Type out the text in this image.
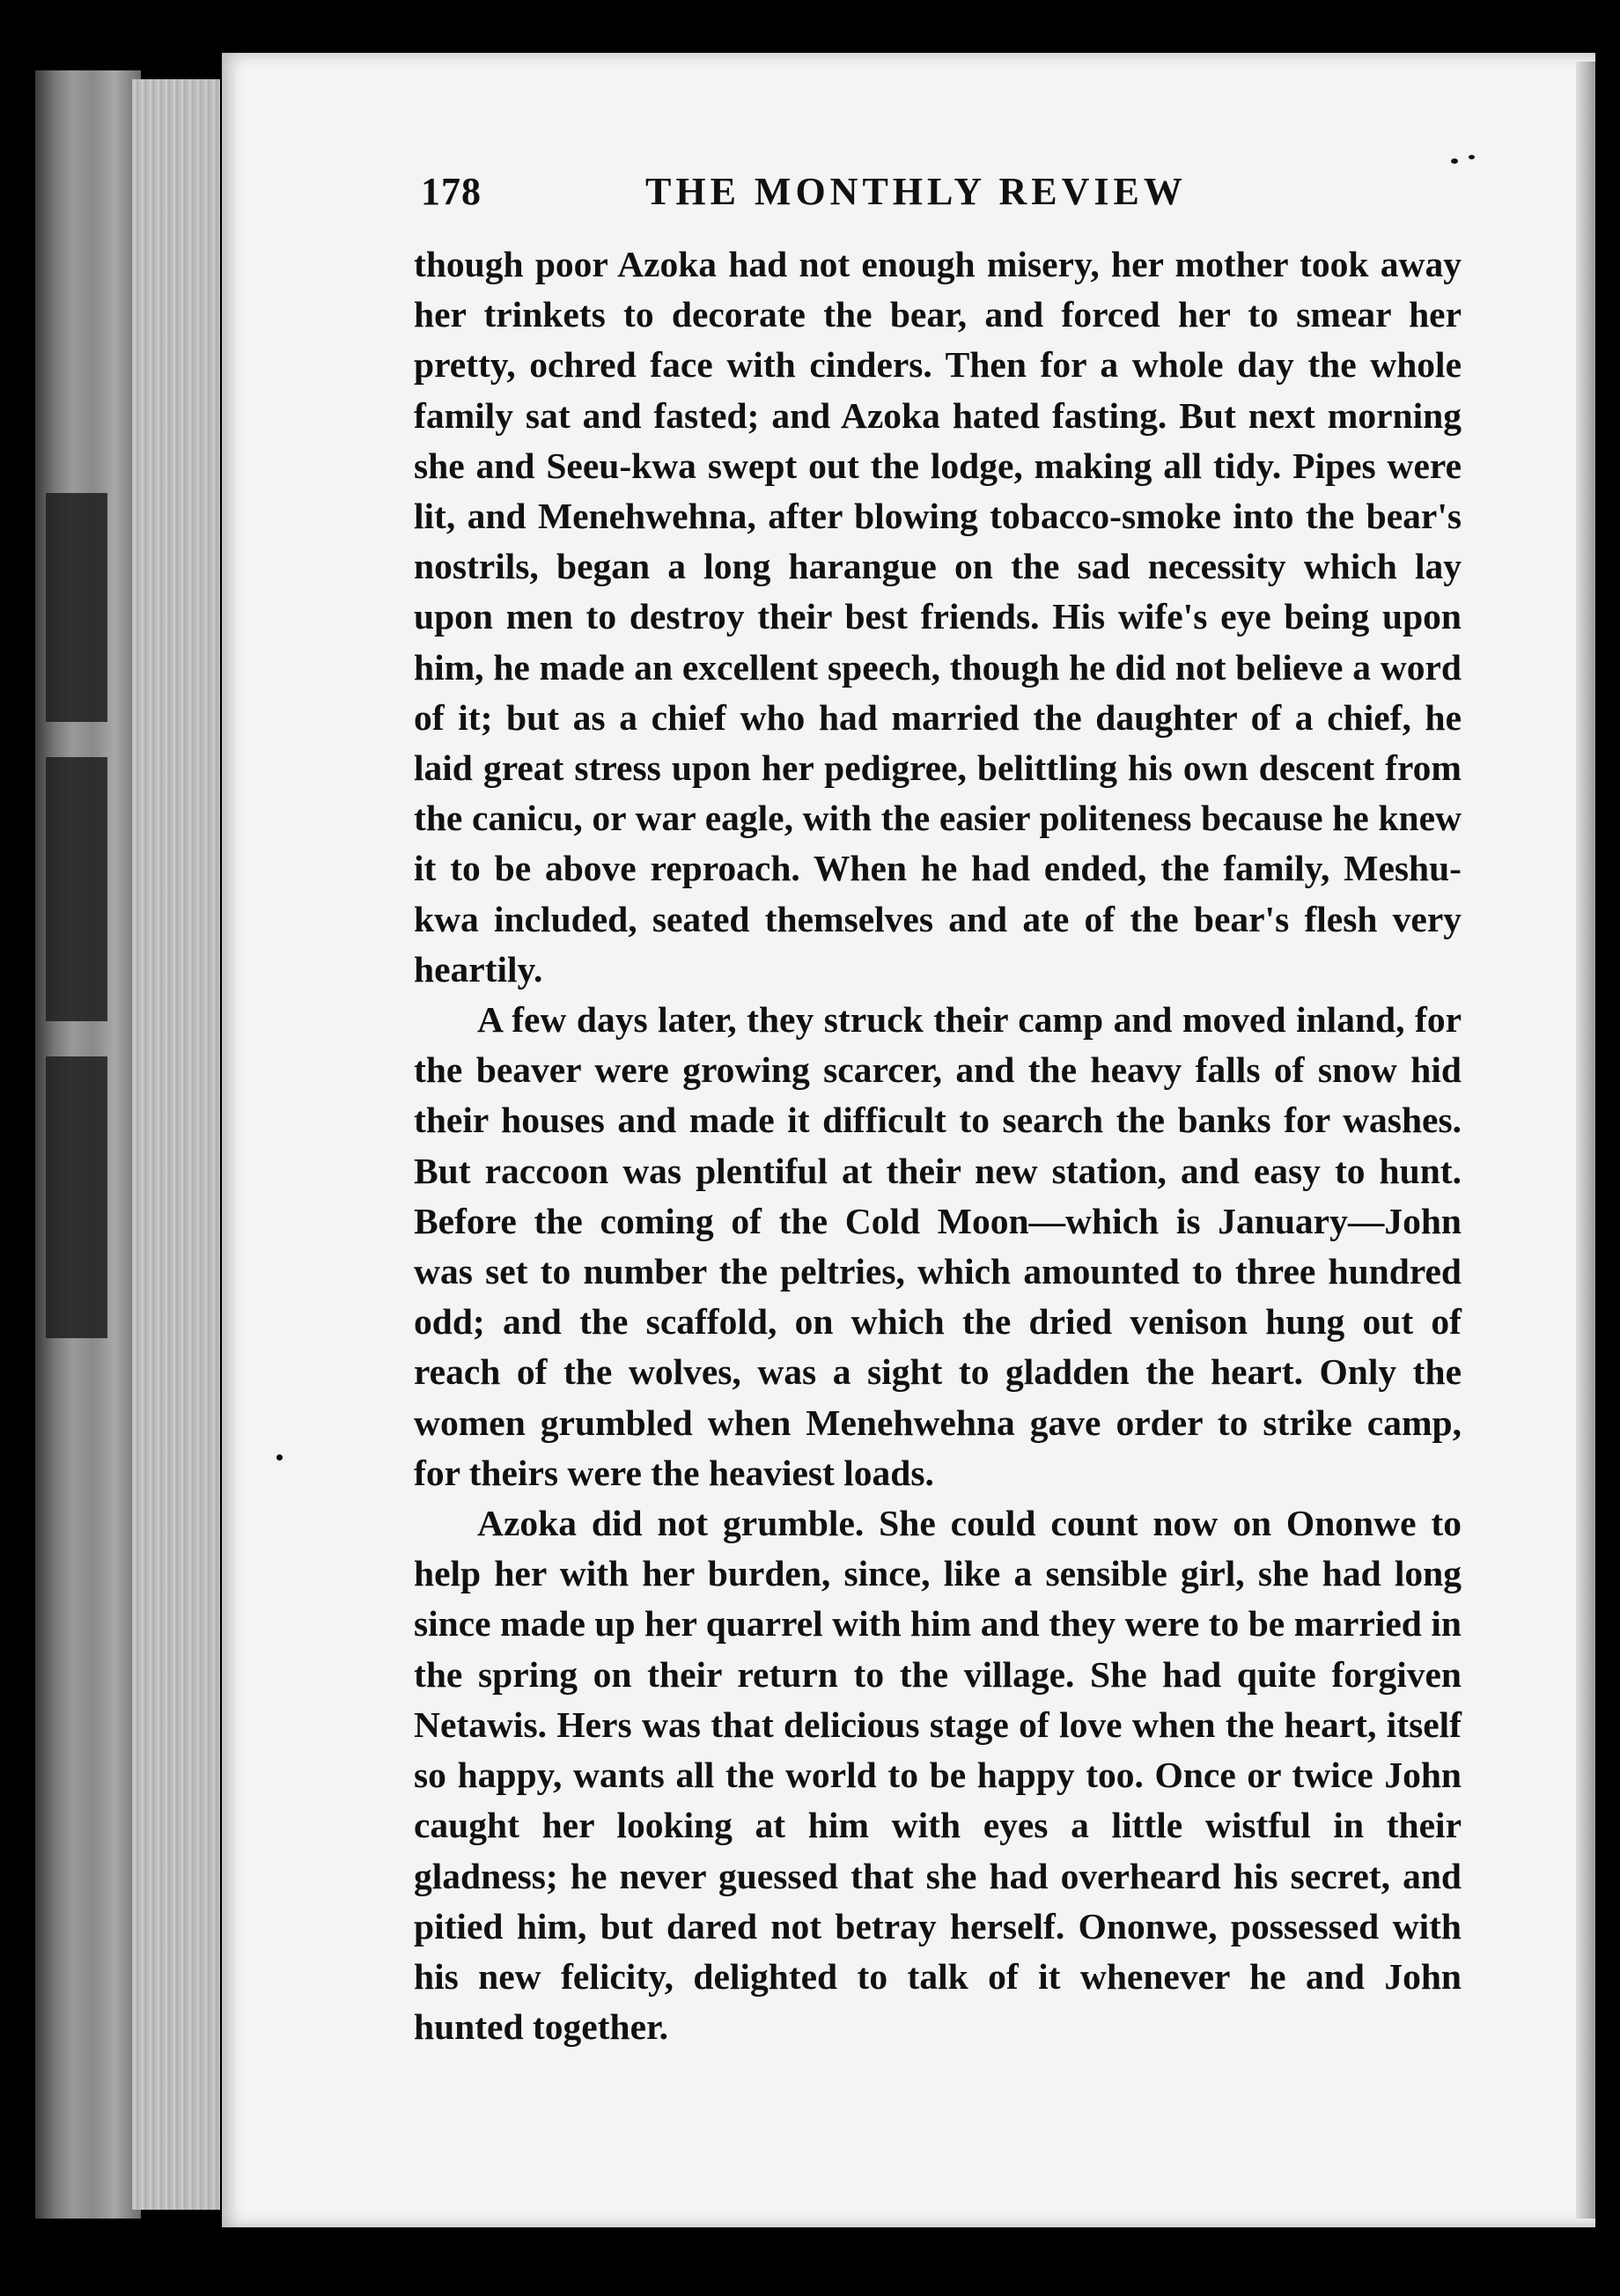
178	THE MONTHLY REVIEW

though poor Azoka had not enough misery, her mother took away her trinkets to decorate the bear, and forced her to smear her pretty, ochred face with cinders. Then for a whole day the whole family sat and fasted; and Azoka hated fasting. But next morning she and Seeu-kwa swept out the lodge, making all tidy. Pipes were lit, and Menehwehna, after blowing tobacco-smoke into the bear's nostrils, began a long harangue on the sad necessity which lay upon men to destroy their best friends. His wife's eye being upon him, he made an excellent speech, though he did not believe a word of it; but as a chief who had married the daughter of a chief, he laid great stress upon her pedigree, belittling his own descent from the canicu, or war eagle, with the easier politeness because he knew it to be above reproach. When he had ended, the family, Meshu-kwa included, seated themselves and ate of the bear's flesh very heartily.

A few days later, they struck their camp and moved inland, for the beaver were growing scarcer, and the heavy falls of snow hid their houses and made it difficult to search the banks for washes. But raccoon was plentiful at their new station, and easy to hunt. Before the coming of the Cold Moon—which is January—John was set to number the peltries, which amounted to three hundred odd; and the scaffold, on which the dried venison hung out of reach of the wolves, was a sight to gladden the heart. Only the women grumbled when Menehwehna gave order to strike camp, for theirs were the heaviest loads.

Azoka did not grumble. She could count now on Ononwe to help her with her burden, since, like a sensible girl, she had long since made up her quarrel with him and they were to be married in the spring on their return to the village. She had quite forgiven Netawis. Hers was that delicious stage of love when the heart, itself so happy, wants all the world to be happy too. Once or twice John caught her looking at him with eyes a little wistful in their gladness; he never guessed that she had overheard his secret, and pitied him, but dared not betray herself. Ononwe, possessed with his new felicity, delighted to talk of it whenever he and John hunted together.
